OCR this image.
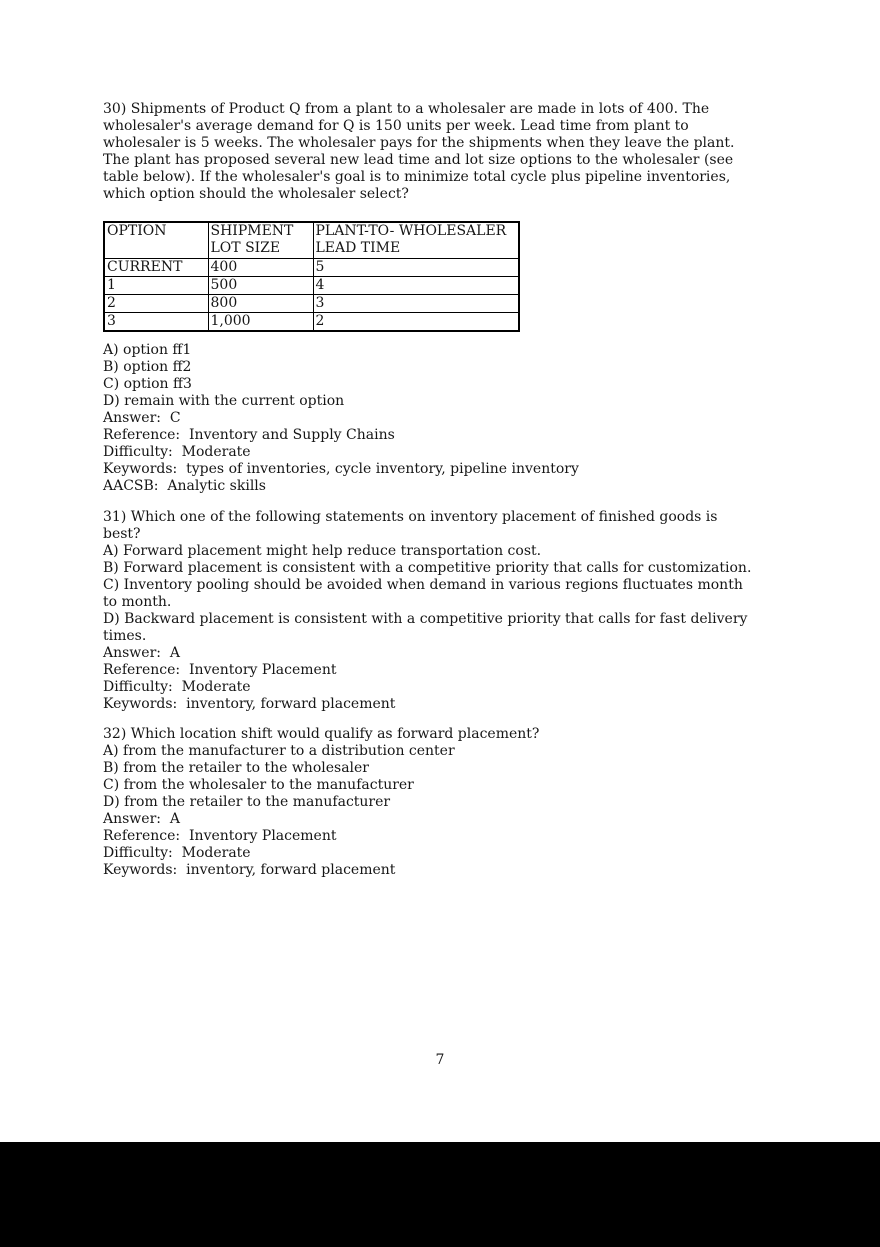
30) Shipments of Product Q from a plant to a wholesaler are made in lots of 400. The
wholesaler's average demand for Q is 150 units per week. Lead time from plant to
wholesaler is 5 weeks. The wholesaler pays for the shipments when they leave the plant.
The plant has proposed several new lead time and lot size options to the wholesaler (see
table below). If the wholesaler's goal is to minimize total cycle plus pipeline inventories,
which option should the wholesaler select?
OPTION	SHIPMENT LOT SIZE	PLANT-TO- WHOLESALER LEAD TIME
CURRENT	400	5
1	500	4
2	800	3
3	1,000	2
A) option ff1
B) option ff2
C) option ff3
D) remain with the current option
Answer:  C
Reference:  Inventory and Supply Chains
Difficulty:  Moderate
Keywords:  types of inventories, cycle inventory, pipeline inventory
AACSB:  Analytic skills
31) Which one of the following statements on inventory placement of finished goods is
best?
A) Forward placement might help reduce transportation cost.
B) Forward placement is consistent with a competitive priority that calls for customization.
C) Inventory pooling should be avoided when demand in various regions fluctuates month
to month.
D) Backward placement is consistent with a competitive priority that calls for fast delivery
times.
Answer:  A
Reference:  Inventory Placement
Difficulty:  Moderate
Keywords:  inventory, forward placement
32) Which location shift would qualify as forward placement?
A) from the manufacturer to a distribution center
B) from the retailer to the wholesaler
C) from the wholesaler to the manufacturer
D) from the retailer to the manufacturer
Answer:  A
Reference:  Inventory Placement
Difficulty:  Moderate
Keywords:  inventory, forward placement
7
